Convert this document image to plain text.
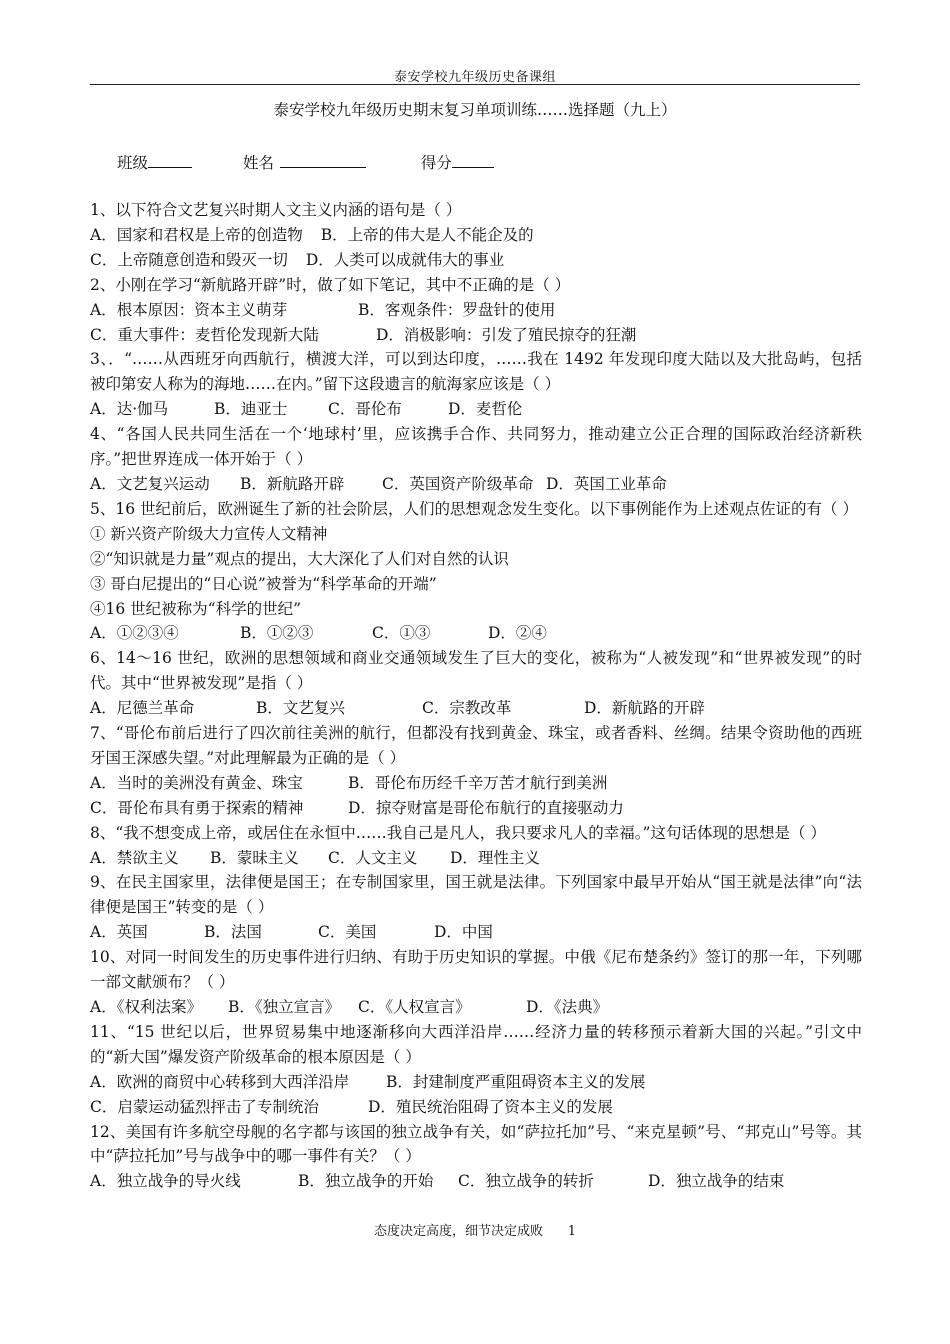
泰安学校九年级历史备课组
泰安学校九年级历史期末复习单项训练……选择题（九上）
班级	姓名	得分

1、以下符合文艺复兴时期人文主义内涵的语句是（ ）

A．国家和君权是上帝的创造物 B．上帝的伟大是人不能企及的

C．上帝随意创造和毁灭一切 D．人类可以成就伟大的事业

2、小刚在学习“新航路开辟”时，做了如下笔记，其中不正确的是（ ）

A．根本原因：资本主义萌芽	B．客观条件：罗盘针的使用

C．重大事件：麦哲伦发现新大陆	D．消极影响：引发了殖民掠夺的狂潮

3、．“……从西班牙向西航行，横渡大洋，可以到达印度，……我在 1492 年发现印度大陆以及大批岛屿，包括被印第安人称为的海地……在内。”留下这段遗言的航海家应该是（ ）

A．达·伽马	B．迪亚士	C．哥伦布	D．麦哲伦

4、“各国人民共同生活在一个‘地球村’里，应该携手合作、共同努力，推动建立公正合理的国际政治经济新秩序。”把世界连成一体开始于（ ）

A．文艺复兴运动 B．新航路开辟 C．英国资产阶级革命 D．英国工业革命

5、16 世纪前后，欧洲诞生了新的社会阶层，人们的思想观念发生变化。以下事例能作为上述观点佐证的有（ ）

① 新兴资产阶级大力宣传人文精神

②“知识就是力量”观点的提出，大大深化了人们对自然的认识

③ 哥白尼提出的“日心说”被誉为“科学革命的开端”

④16 世纪被称为“科学的世纪”

A．①②③④	B．①②③	C．①③	D．②④

6、14～16 世纪，欧洲的思想领域和商业交通领域发生了巨大的变化，被称为“人被发现”和“世界被发现”的时代。其中“世界被发现”是指（ ）

A．尼德兰革命	B．文艺复兴	C．宗教改革	D．新航路的开辟

7、“哥伦布前后进行了四次前往美洲的航行，但都没有找到黄金、珠宝，或者香料、丝绸。结果令资助他的西班牙国王深感失望。”对此理解最为正确的是（ ）

A．当时的美洲没有黄金、珠宝	B．哥伦布历经千辛万苦才航行到美洲

C．哥伦布具有勇于探索的精神	D．掠夺财富是哥伦布航行的直接驱动力

8、“我不想变成上帝，或居住在永恒中……我自己是凡人，我只要求凡人的幸福。”这句话体现的思想是（ ）

A．禁欲主义 B．蒙昧主义 C．人文主义 D．理性主义

9、在民主国家里，法律便是国王；在专制国家里，国王就是法律。下列国家中最早开始从“国王就是法律”向“法律便是国王”转变的是（ ）

A．英国	B．法国	C．美国	D．中国

10、对同一时间发生的历史事件进行归纳、有助于历史知识的掌握。中俄《尼布楚条约》签订的那一年，下列哪一部文献颁布？（ ）

A．《权利法案》 B．《独立宣言》 C．《人权宣言》	D．《法典》

11、“15 世纪以后，世界贸易集中地逐渐移向大西洋沿岸……经济力量的转移预示着新大国的兴起。”引文中的“新大国”爆发资产阶级革命的根本原因是（ ）

A．欧洲的商贸中心转移到大西洋沿岸 B．封建制度严重阻碍资本主义的发展

C．启蒙运动猛烈抨击了专制统治	D．殖民统治阻碍了资本主义的发展

12、美国有许多航空母舰的名字都与该国的独立战争有关，如“萨拉托加”号、“来克星顿”号、“邦克山”号等。其中“萨拉托加”号与战争中的哪一事件有关？（ ）

A．独立战争的导火线	B．独立战争的开始 C．独立战争的转折	D．独立战争的结束

态度决定高度，细节决定成败 1
